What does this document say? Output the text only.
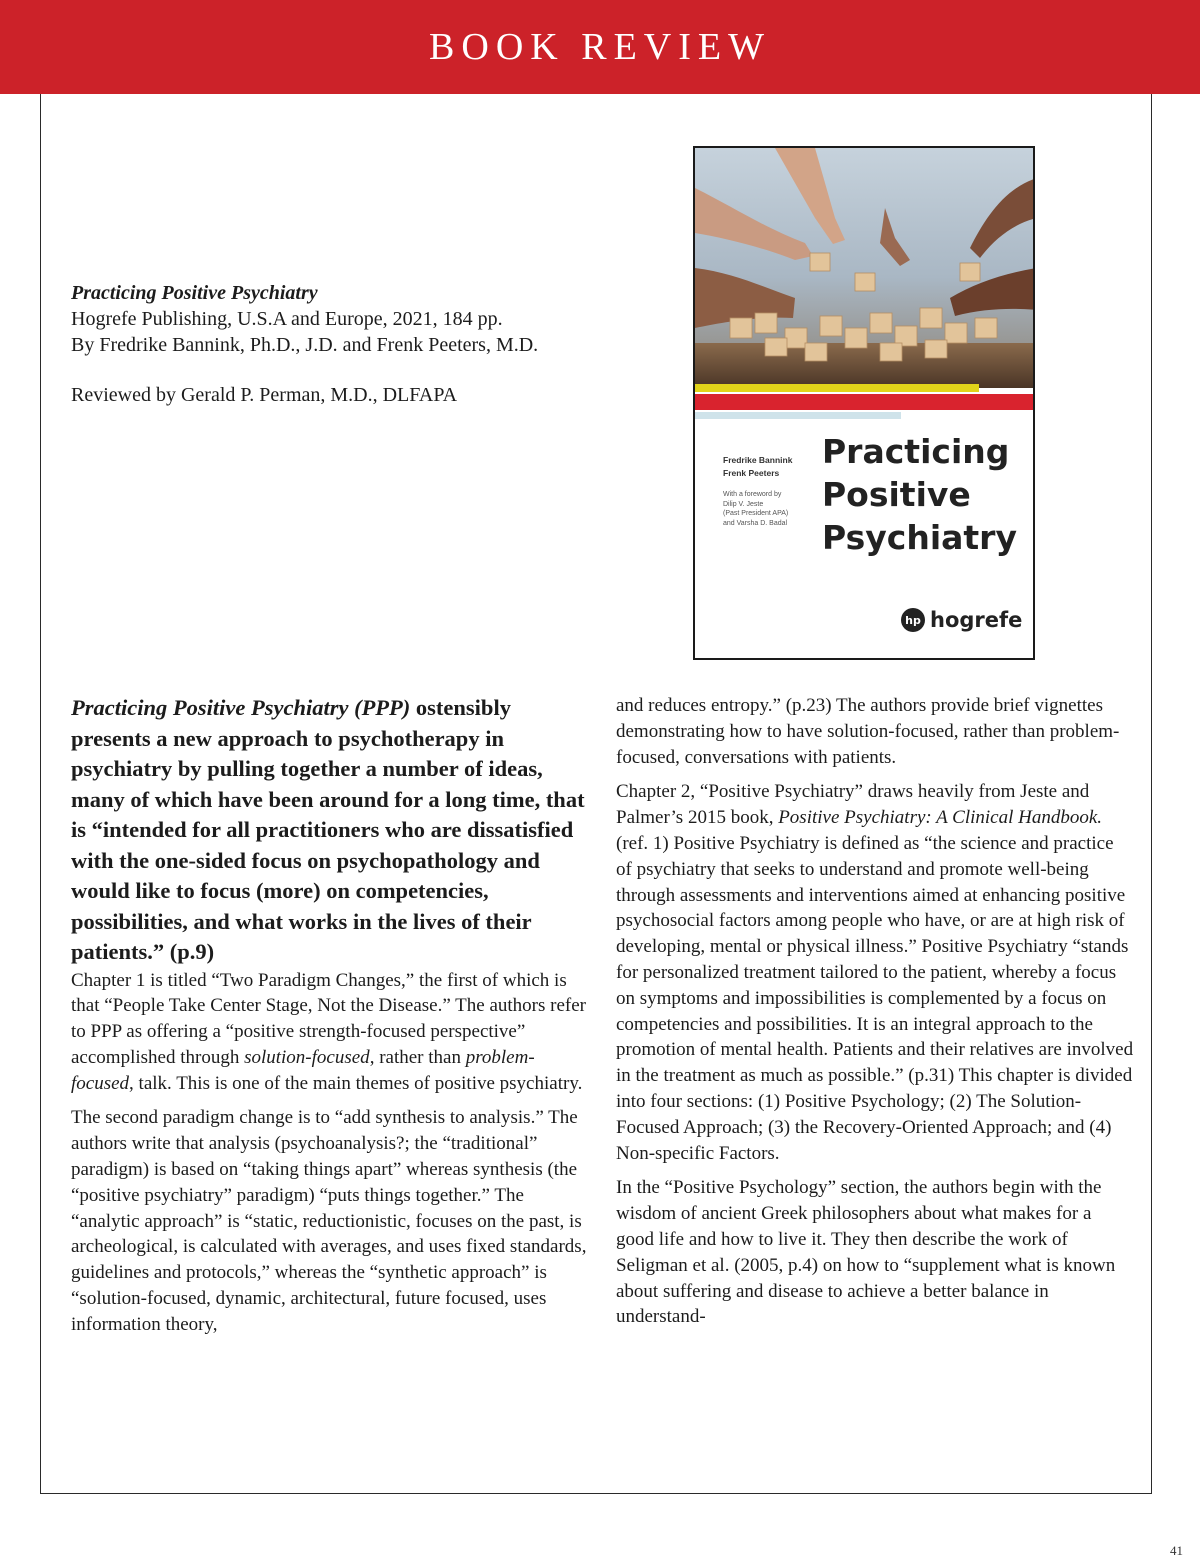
BOOK REVIEW
Practicing Positive Psychiatry
Hogrefe Publishing, U.S.A and Europe, 2021, 184 pp.
By Fredrike Bannink, Ph.D., J.D. and Frenk Peeters, M.D.
Reviewed by Gerald P. Perman, M.D., DLFAPA
Fredrike Bannink
Frenk Peeters
With a foreword by
Dilip V. Jeste
(Past President APA)
and Varsha D. Badal
Practicing
Positive
Psychiatry
hp hogrefe

Practicing Positive Psychiatry (PPP) ostensibly presents a new approach to psychotherapy in psychiatry by pulling together a number of ideas, many of which have been around for a long time, that is “intended for all practitioners who are dissatisfied with the one-sided focus on psychopathology and would like to focus (more) on competencies, possibilities, and what works in the lives of their patients.” (p.9)

Chapter 1 is titled “Two Paradigm Changes,” the first of which is that “People Take Center Stage, Not the Disease.” The authors refer to PPP as offering a “positive strength-focused perspective” accomplished through solution-focused, rather than problem-focused, talk. This is one of the main themes of positive psychiatry.

The second paradigm change is to “add synthesis to analysis.” The authors write that analysis (psychoanalysis?; the “traditional” paradigm) is based on “taking things apart” whereas synthesis (the “positive psychiatry” paradigm) “puts things together.” The “analytic approach” is “static, reductionistic, focuses on the past, is archeological, is calculated with averages, and uses fixed standards, guidelines and protocols,” whereas the “synthetic approach” is “solution-focused, dynamic, architectural, future focused, uses information theory,

and reduces entropy.” (p.23) The authors provide brief vignettes demonstrating how to have solution-focused, rather than problem-focused, conversations with patients.

Chapter 2, “Positive Psychiatry” draws heavily from Jeste and Palmer’s 2015 book, Positive Psychiatry: A Clinical Handbook. (ref. 1) Positive Psychiatry is defined as “the science and practice of psychiatry that seeks to understand and promote well-being through assessments and interventions aimed at enhancing positive psychosocial factors among people who have, or are at high risk of developing, mental or physical illness.” Positive Psychiatry “stands for personalized treatment tailored to the patient, whereby a focus on symptoms and impossibilities is complemented by a focus on competencies and possibilities. It is an integral approach to the promotion of mental health. Patients and their relatives are involved in the treatment as much as possible.” (p.31) This chapter is divided into four sections: (1) Positive Psychology; (2) The Solution-Focused Approach; (3) the Recovery-Oriented Approach; and (4) Non-specific Factors.

In the “Positive Psychology” section, the authors begin with the wisdom of ancient Greek philosophers about what makes for a good life and how to live it. They then describe the work of Seligman et al. (2005, p.4) on how to “supplement what is known about suffering and disease to achieve a better balance in understand-

41
